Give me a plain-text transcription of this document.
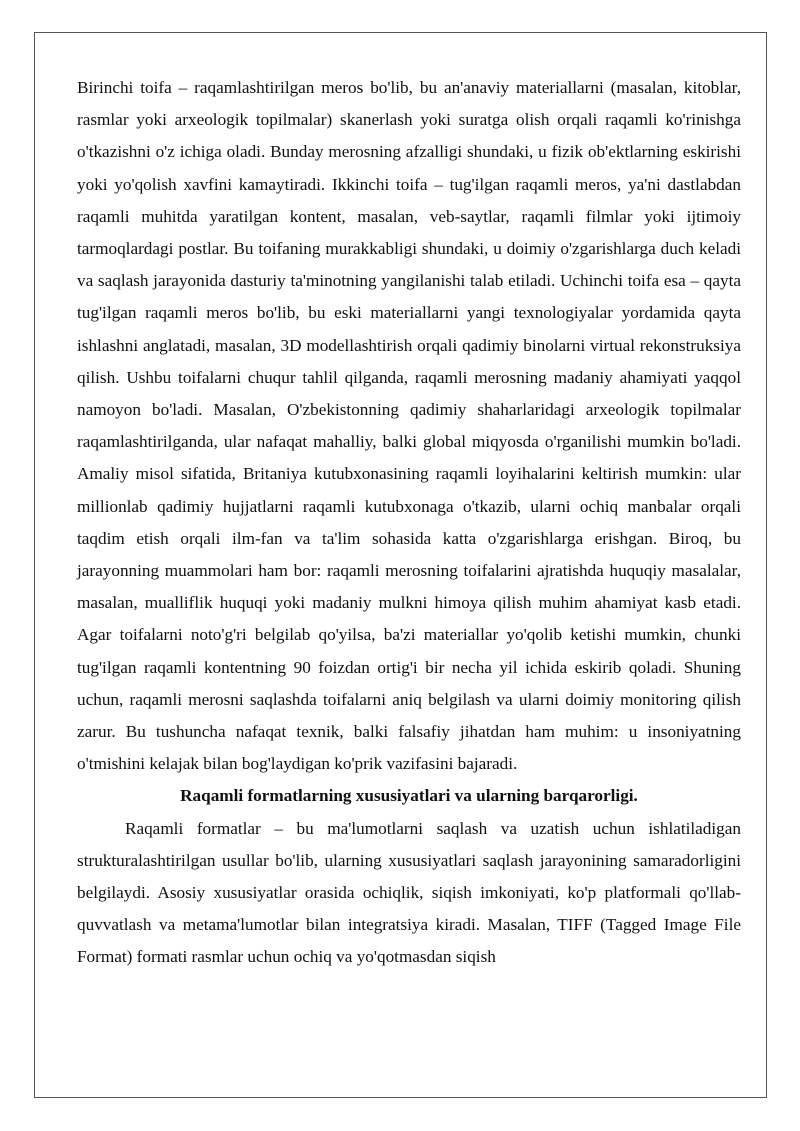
Birinchi toifa – raqamlashtirilgan meros bo'lib, bu an'anaviy materiallarni (masalan, kitoblar, rasmlar yoki arxeologik topilmalar) skanerlash yoki suratga olish orqali raqamli ko'rinishga o'tkazishni o'z ichiga oladi. Bunday merosning afzalligi shundaki, u fizik ob'ektlarning eskirishi yoki yo'qolish xavfini kamaytiradi. Ikkinchi toifa – tug'ilgan raqamli meros, ya'ni dastlabdan raqamli muhitda yaratilgan kontent, masalan, veb-saytlar, raqamli filmlar yoki ijtimoiy tarmoqlardagi postlar. Bu toifaning murakkabligi shundaki, u doimiy o'zgarishlarga duch keladi va saqlash jarayonida dasturiy ta'minotning yangilanishi talab etiladi. Uchinchi toifa esa – qayta tug'ilgan raqamli meros bo'lib, bu eski materiallarni yangi texnologiyalar yordamida qayta ishlashni anglatadi, masalan, 3D modellashtirish orqali qadimiy binolarni virtual rekonstruksiya qilish. Ushbu toifalarni chuqur tahlil qilganda, raqamli merosning madaniy ahamiyati yaqqol namoyon bo'ladi. Masalan, O'zbekistonning qadimiy shaharlaridagi arxeologik topilmalar raqamlashtirilganda, ular nafaqat mahalliy, balki global miqyosda o'rganilishi mumkin bo'ladi. Amaliy misol sifatida, Britaniya kutubxonasining raqamli loyihalarini keltirish mumkin: ular millionlab qadimiy hujjatlarni raqamli kutubxonaga o'tkazib, ularni ochiq manbalar orqali taqdim etish orqali ilm-fan va ta'lim sohasida katta o'zgarishlarga erishgan. Biroq, bu jarayonning muammolari ham bor: raqamli merosning toifalarini ajratishda huquqiy masalalar, masalan, mualliflik huquqi yoki madaniy mulkni himoya qilish muhim ahamiyat kasb etadi. Agar toifalarni noto'g'ri belgilab qo'yilsa, ba'zi materiallar yo'qolib ketishi mumkin, chunki tug'ilgan raqamli kontentning 90 foizdan ortig'i bir necha yil ichida eskirib qoladi. Shuning uchun, raqamli merosni saqlashda toifalarni aniq belgilash va ularni doimiy monitoring qilish zarur. Bu tushuncha nafaqat texnik, balki falsafiy jihatdan ham muhim: u insoniyatning o'tmishini kelajak bilan bog'laydigan ko'prik vazifasini bajaradi.

Raqamli formatlarning xususiyatlari va ularning barqarorligi.

Raqamli formatlar – bu ma'lumotlarni saqlash va uzatish uchun ishlatiladigan strukturalashtirilgan usullar bo'lib, ularning xususiyatlari saqlash jarayonining samaradorligini belgilaydi. Asosiy xususiyatlar orasida ochiqlik, siqish imkoniyati, ko'p platformali qo'llab-quvvatlash va metama'lumotlar bilan integratsiya kiradi. Masalan, TIFF (Tagged Image File Format) formati rasmlar uchun ochiq va yo'qotmasdan siqish
